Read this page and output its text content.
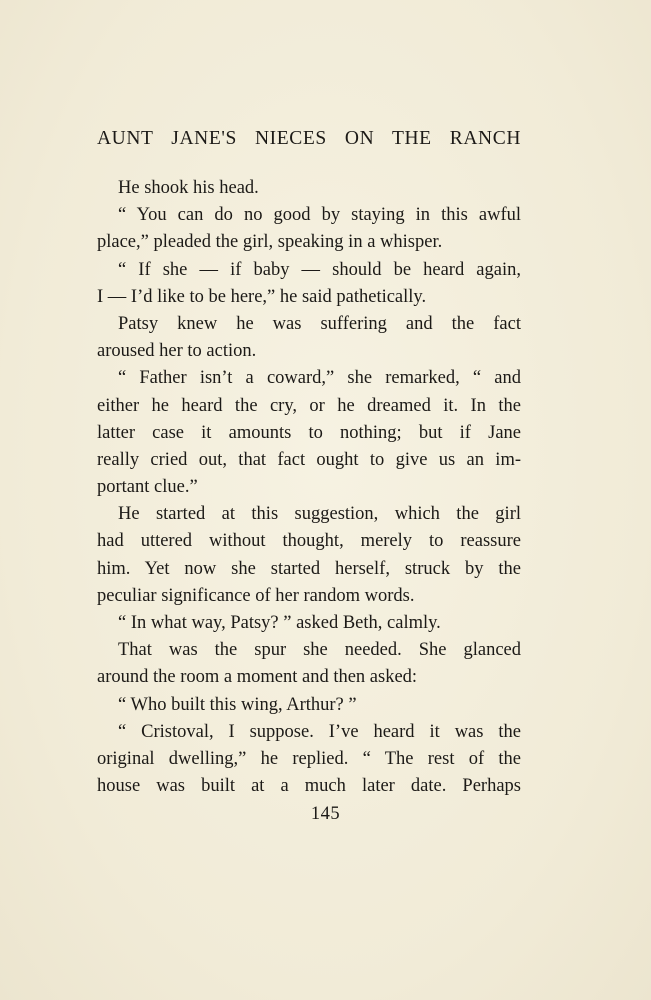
AUNT JANE'S NIECES ON THE RANCH
He shook his head.
“ You can do no good by staying in this awful
place,” pleaded the girl, speaking in a whisper.
“ If she — if baby — should be heard again,
I — I’d like to be here,” he said pathetically.
Patsy knew he was suffering and the fact
aroused her to action.
“ Father isn’t a coward,” she remarked, “ and
either he heard the cry, or he dreamed it. In the
latter case it amounts to nothing; but if Jane
really cried out, that fact ought to give us an im-
portant clue.”
He started at this suggestion, which the girl
had uttered without thought, merely to reassure
him. Yet now she started herself, struck by the
peculiar significance of her random words.
“ In what way, Patsy? ” asked Beth, calmly.
That was the spur she needed. She glanced
around the room a moment and then asked:
“ Who built this wing, Arthur? ”
“ Cristoval, I suppose. I’ve heard it was the
original dwelling,” he replied. “ The rest of the
house was built at a much later date. Perhaps
145
